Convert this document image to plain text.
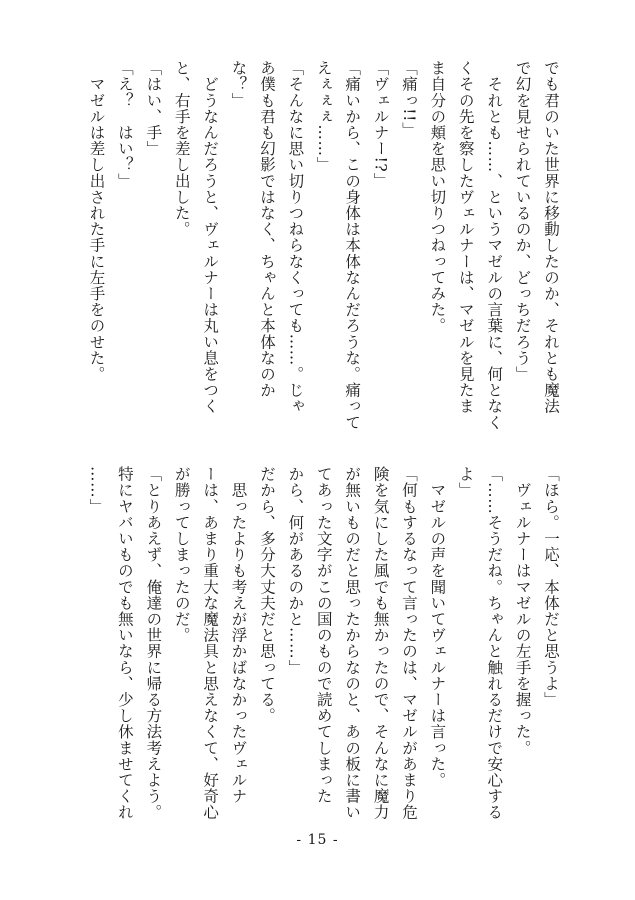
でも君のいた世界に移動したのか、それとも魔法
で幻を見せられているのか、どっちだろう」
　それとも……、というマゼルの言葉に、何となく
くその先を察したヴェルナーは、マゼルを見たま
ま自分の頬を思い切りつねってみた。
「痛っ!!」
「ヴェルナー!?」
「痛いから、この身体は本体なんだろうな。痛って
えぇぇぇ……」
「そんなに思い切りつねらなくっても……。じゃ
あ僕も君も幻影ではなく、ちゃんと本体なのか
な？」
　どうなんだろうと、ヴェルナーは丸い息をつく
と、右手を差し出した。
「はい、手」
「え？　はい？」
　マゼルは差し出された手に左手をのせた。
「ほら。一応、本体だと思うよ」
　ヴェルナーはマゼルの左手を握った。
「……そうだね。ちゃんと触れるだけで安心する
よ」
　マゼルの声を聞いてヴェルナーは言った。
「何もするなって言ったのは、マゼルがあまり危
険を気にした風でも無かったので、そんなに魔力
が無いものだと思ったからなのと、あの板に書い
てあった文字がこの国のもので読めてしまった
から、何があるのかと……」
だから、多分大丈夫だと思ってる。
　思ったよりも考えが浮かばなかったヴェルナ
ーは、あまり重大な魔法具と思えなくて、好奇心
が勝ってしまったのだ。
「とりあえず、俺達の世界に帰る方法考えよう。
特にヤバいものでも無いなら、少し休ませてくれ
……」
- 15 -
